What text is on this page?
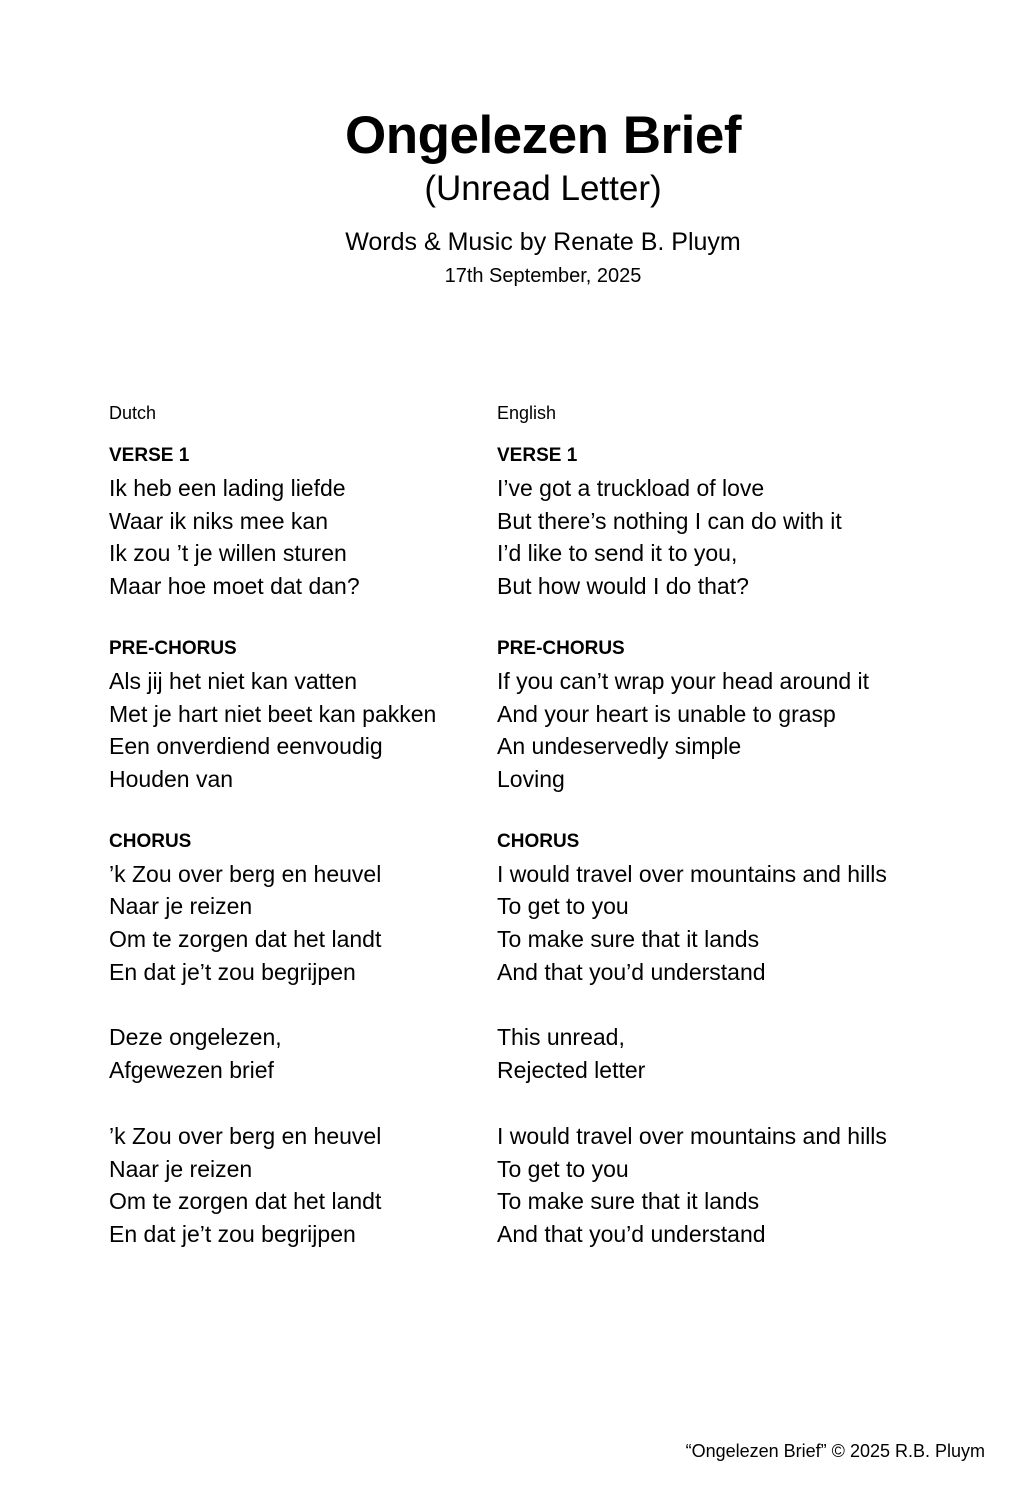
Ongelezen Brief
(Unread Letter)
Words & Music by Renate B. Pluym
17th September, 2025
Dutch
VERSE 1
Ik heb een lading liefde
Waar ik niks mee kan
Ik zou ’t je willen sturen
Maar hoe moet dat dan?
PRE-CHORUS
Als jij het niet kan vatten
Met je hart niet beet kan pakken
Een onverdiend eenvoudig
Houden van
CHORUS
’k Zou over berg en heuvel
Naar je reizen
Om te zorgen dat het landt
En dat je’t zou begrijpen
Deze ongelezen,
Afgewezen brief
’k Zou over berg en heuvel
Naar je reizen
Om te zorgen dat het landt
En dat je’t zou begrijpen
English
VERSE 1
I’ve got a truckload of love
But there’s nothing I can do with it
I’d like to send it to you,
But how would I do that?
PRE-CHORUS
If you can’t wrap your head around it
And your heart is unable to grasp
An undeservedly simple
Loving
CHORUS
I would travel over mountains and hills
To get to you
To make sure that it lands
And that you’d understand
This unread,
Rejected letter
I would travel over mountains and hills
To get to you
To make sure that it lands
And that you’d understand
“Ongelezen Brief” © 2025 R.B. Pluym
